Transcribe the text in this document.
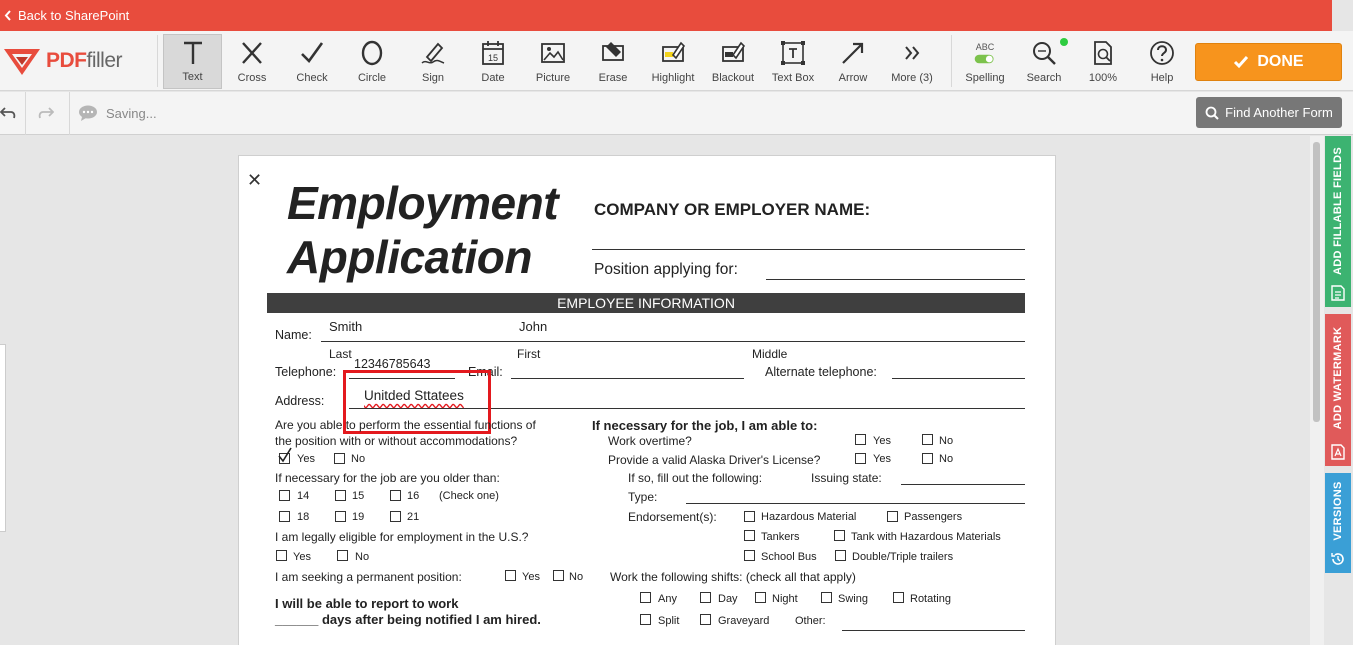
Back to SharePoint
PDFfiller
Text	Cross	Check	Circle	Sign
15
Date	Picture	Erase Highlight Blackout Text Box Arrow More (3)
ABC
Spelling Search	100%	Help
DONE
Saving...	Find Another Form
ADD FILLABLE FIELDS
ADD WATERMARK
VERSIONS
✕ Employment
Application
COMPANY OR EMPLOYER NAME:
Position applying for:
EMPLOYEE INFORMATION
Name:
Smith	John
Last	First	Middle
Telephone:
12346785643
Email:	Alternate telephone:
Address:	Unitded Sttatees
Are you able to perform the essential functions of
the position with or without accommodations?
Yes	No
If necessary for the job are you older than:
14	15	16 (Check one)
18	19	21
I am legally eligible for employment in the U.S.?
Yes	No
I am seeking a permanent position:	Yes	No
I will be able to report to work
______ days after being notified I am hired.
If necessary for the job, I am able to:
Work overtime?	Yes	No
Provide a valid Alaska Driver's License?	Yes	No
If so, fill out the following:	Issuing state:
Type:
Endorsement(s):	Hazardous Material	Passengers
Tankers	Tank with Hazardous Materials
School Bus	Double/Triple trailers
Work the following shifts: (check all that apply)
Any	Day	Night	Swing	Rotating
Split	Graveyard Other:
